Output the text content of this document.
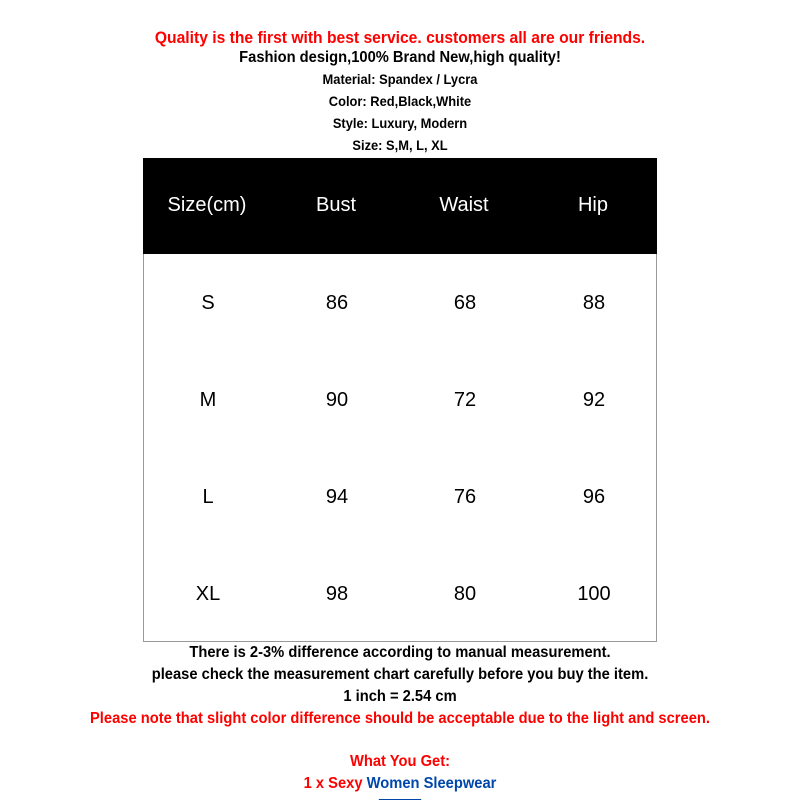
Quality is the first with best service. customers all are our friends.
Fashion design,100% Brand New,high quality!
Material: Spandex / Lycra
Color: Red,Black,White
Style: Luxury, Modern
Size: S,M, L, XL
Size(cm)	Bust	Waist	Hip
S	86	68	88
M	90	72	92
L	94	76	96
XL	98	80	100
There is 2-3% difference according to manual measurement.
please check the measurement chart carefully before you buy the item.
1 inch = 2.54 cm
Please note that slight color difference should be acceptable due to the light and screen.
What You Get:
1 x Sexy Women Sleepwear
